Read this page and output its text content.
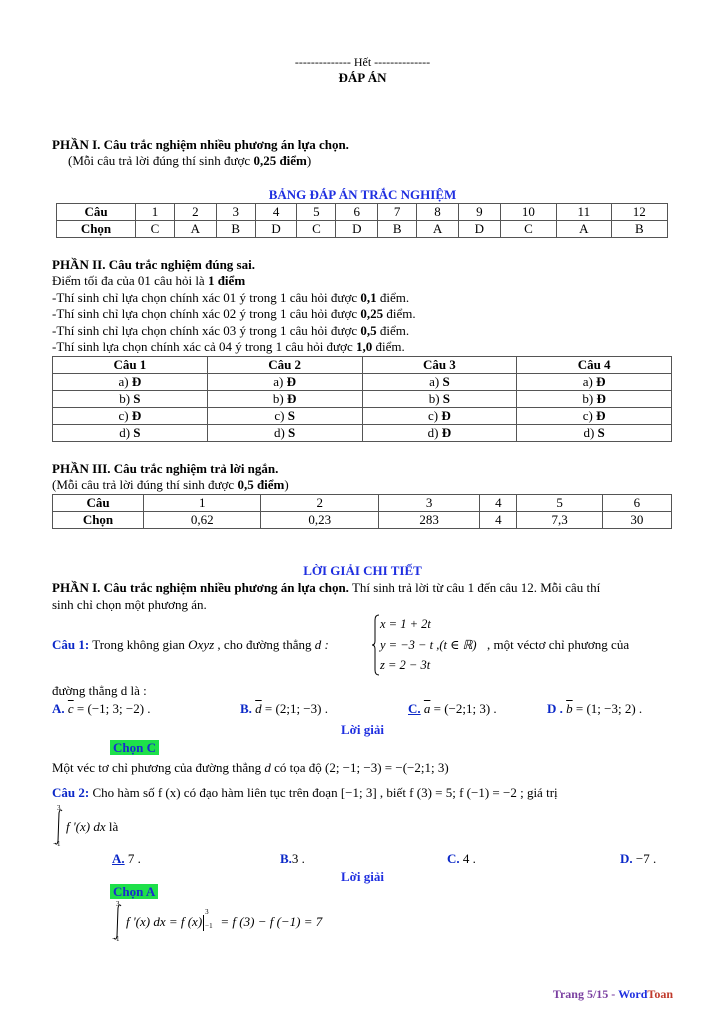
-------------- Hết --------------
ĐÁP ÁN
PHẦN I. Câu trắc nghiệm nhiều phương án lựa chọn.
(Mỗi câu trả lời đúng thí sinh được 0,25 điểm)
BẢNG ĐÁP ÁN TRẮC NGHIỆM
Câu	1	2	3	4	5	6	7	8	9	10	11	12
Chọn	C	A	B	D	C	D	B	A	D	C	A	B
PHẦN II. Câu trắc nghiệm đúng sai.
Điểm tối đa của 01 câu hỏi là 1 điểm
-Thí sinh chỉ lựa chọn chính xác 01 ý trong 1 câu hỏi được 0,1 điểm.
-Thí sinh chỉ lựa chọn chính xác 02 ý trong 1 câu hỏi được 0,25 điểm.
-Thí sinh chỉ lựa chọn chính xác 03 ý trong 1 câu hỏi được 0,5 điểm.
-Thí sinh lựa chọn chính xác cả 04 ý trong 1 câu hỏi được 1,0 điểm.
Câu 1	Câu 2	Câu 3	Câu 4
a) Đ	a) Đ	a) S	a) Đ
b) S	b) Đ	b) S	b) Đ
c) Đ	c) S	c) Đ	c) Đ
d) S	d) S	d) Đ	d) S
PHẦN III. Câu trắc nghiệm trả lời ngắn.
(Mỗi câu trả lời đúng thí sinh được 0,5 điểm)
Câu	1	2	3	4	5	6
Chọn	0,62	0,23	283	4	7,3	30
LỜI GIẢI CHI TIẾT
PHẦN I. Câu trắc nghiệm nhiều phương án lựa chọn. Thí sinh trả lời từ câu 1 đến câu 12. Mỗi câu thí
sinh chỉ chọn một phương án.
Câu 1: Trong không gian Oxyz , cho đường thẳng d :
x = 1 + 2t
y = −3 − t ,(t ∈ ℝ)
z = 2 − 3t
, một véctơ chỉ phương của
đường thẳng d là :
A. $\overline{c} = (-1$; 3; −2) .	B. $\overline{d}$ = (2;1; −3) .	C. $\overline{a}$ = (−2;1; 3) .	D . $\overline{b} = (1$; −3; 2) .
Lời giải
Chọn C
Một véc tơ chỉ phương của đường thẳng d có tọa độ (2; −1; −3) = −(−2;1; 3)
Câu 2: Cho hàm số f (x) có đạo hàm liên tục trên đoạn [−1; 3] , biết f (3) = 5; f (−1) = −2 ; giá trị
3
−1
f '(x) dx là
A. 7 .	B.3 .	C. 4 .	D. −7 .
Lời giải
Chọn A
3
−1
f '(x) dx = f (x)
3
−1 = f (3) − f (−1) = 7
Trang 5/15 - WordToan
